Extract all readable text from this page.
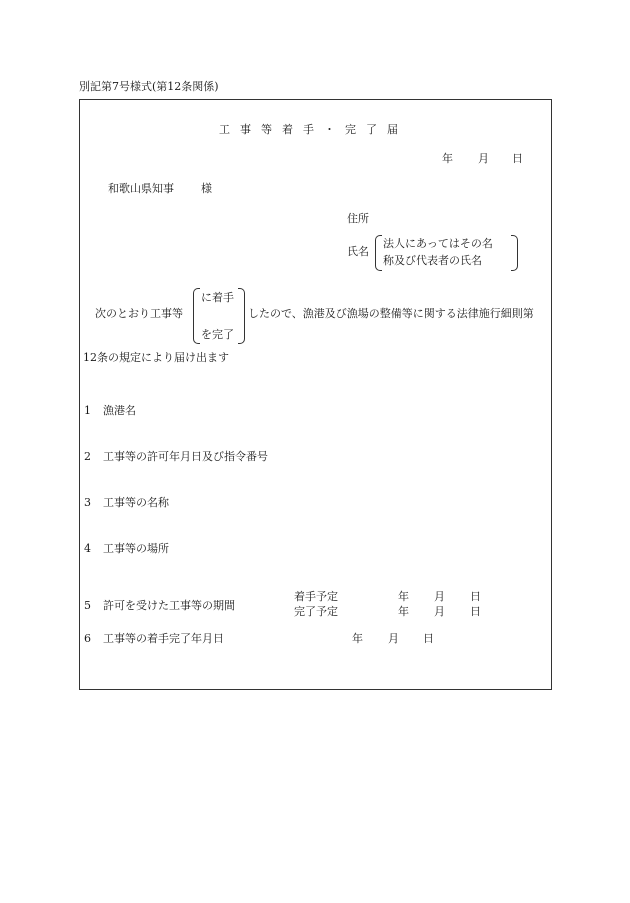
別記第7号様式(第12条関係)
工事等着手・完了届
年 月 日
和歌山県知事 様
住所
氏名
法人にあってはその名
称及び代表者の氏名
次のとおり工事等
に着手
を完了
したので、漁港及び漁場の整備等に関する法律施行細則第
12条の規定により届け出ます
1 漁港名
2 工事等の許可年月日及び指令番号
3 工事等の名称
4 工事等の場所
5 許可を受けた工事等の期間
着手予定	年 月 日
完了予定	年 月 日
6 工事等の着手完了年月日	年 月 日
